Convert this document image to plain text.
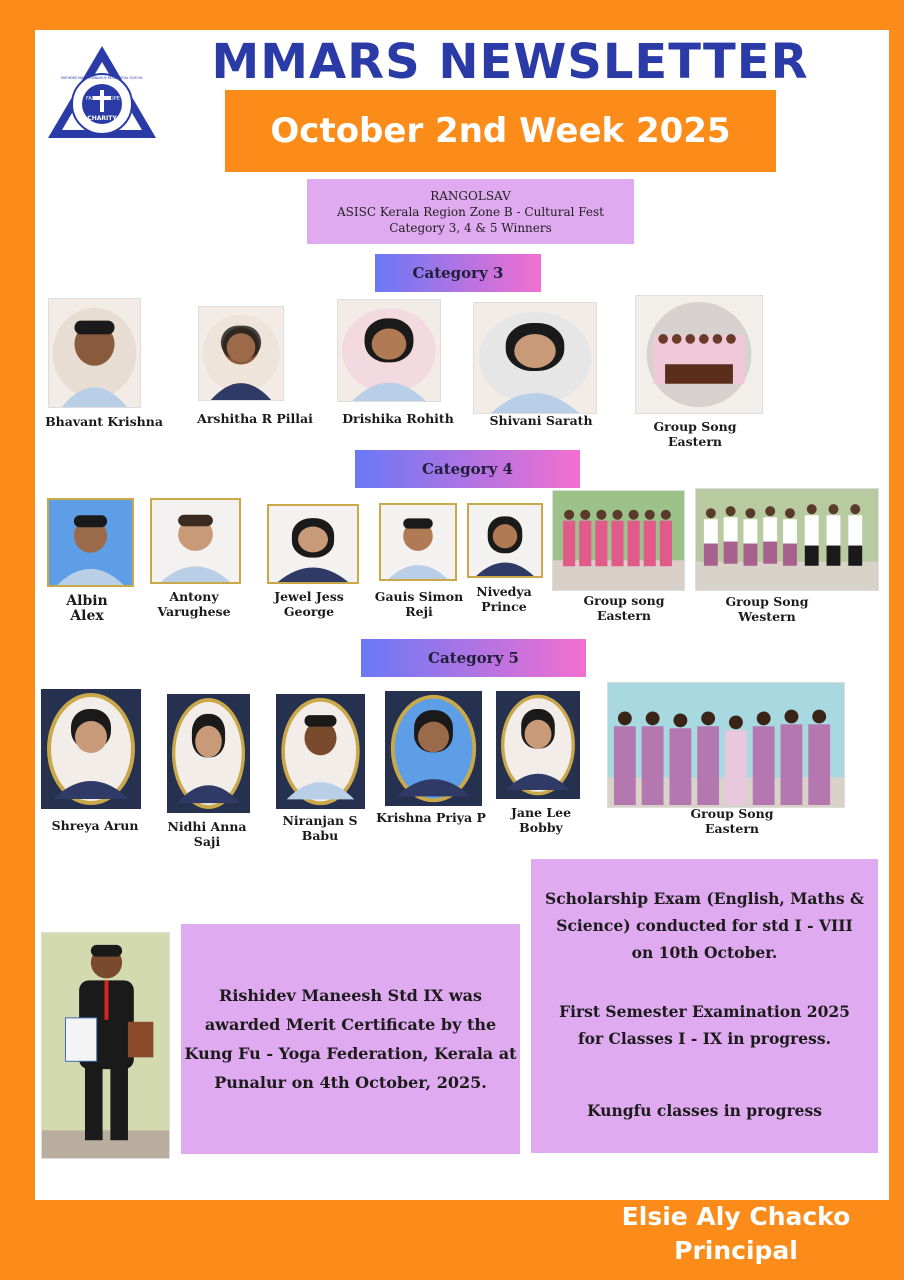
FAITH HOPE
CHARITY
MATHEWS MAR ATHANASIUS RESIDENTIAL SCHOOL
CHENGANNUR
MMARS NEWSLETTER
October 2nd Week 2025
RANGOLSAV
ASISC Kerala Region Zone B - Cultural Fest
Category 3, 4 & 5 Winners
Category 3
Bhavant Krishna	Arshitha R Pillai Drishika Rohith	Shivani Sarath	Group Song
Eastern
Category 4
Albin
Alex
Antony
Varughese
Jewel Jess
George
Gauis Simon
Reji
Nivedya
Prince	Group song
Eastern
Group Song
Western
Category 5
Shreya Arun	Nidhi Anna Saji
Niranjan S Babu
Krishna Priya P	Jane Lee Bobby
Group Song
Eastern
Rishidev Maneesh Std IX was
awarded Merit Certificate by the
Kung Fu - Yoga Federation, Kerala at
Punalur on 4th October, 2025.
Scholarship Exam (English, Maths &
Science) conducted for std I - VIII
on 10th October.
First Semester Examination 2025
for Classes I - IX in progress.
Kungfu classes in progress
Elsie Aly Chacko
Principal
